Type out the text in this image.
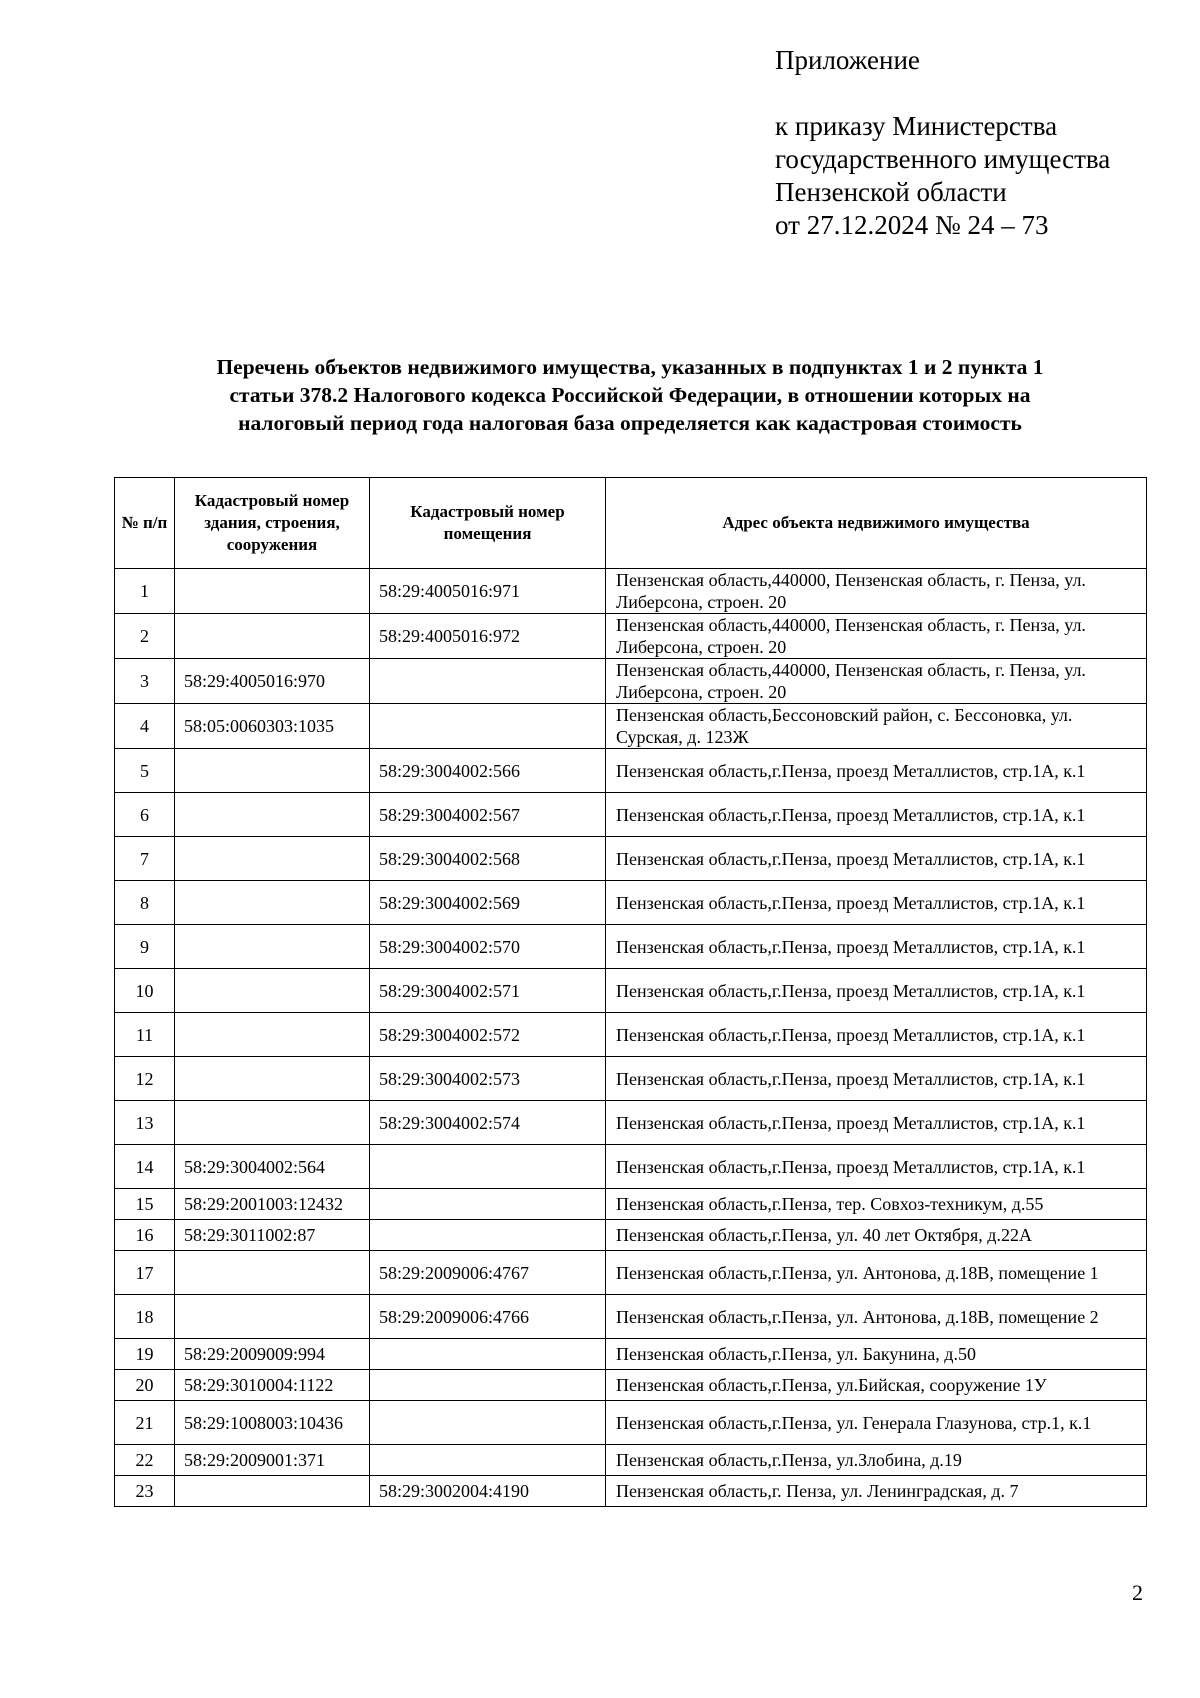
Приложение
к приказу Министерства
государственного имущества
Пензенской области
от 27.12.2024 № 24 – 73
Перечень объектов недвижимого имущества, указанных в подпунктах 1 и 2 пункта 1
статьи 378.2 Налогового кодекса Российской Федерации, в отношении которых на
налоговый период года налоговая база определяется как кадастровая стоимость
№ п/п	Кадастровый номер здания, строения, сооружения	Кадастровый номер помещения	Адрес объекта недвижимого имущества
1		58:29:4005016:971	Пензенская область,440000, Пензенская область, г. Пенза, ул. Либерсона, строен. 20
2		58:29:4005016:972	Пензенская область,440000, Пензенская область, г. Пенза, ул. Либерсона, строен. 20
3	58:29:4005016:970		Пензенская область,440000, Пензенская область, г. Пенза, ул. Либерсона, строен. 20
4	58:05:0060303:1035		Пензенская область,Бессоновский район, с. Бессоновка, ул. Сурская, д. 123Ж
5		58:29:3004002:566	Пензенская область,г.Пенза, проезд Металлистов, стр.1А, к.1
6		58:29:3004002:567	Пензенская область,г.Пенза, проезд Металлистов, стр.1А, к.1
7		58:29:3004002:568	Пензенская область,г.Пенза, проезд Металлистов, стр.1А, к.1
8		58:29:3004002:569	Пензенская область,г.Пенза, проезд Металлистов, стр.1А, к.1
9		58:29:3004002:570	Пензенская область,г.Пенза, проезд Металлистов, стр.1А, к.1
10		58:29:3004002:571	Пензенская область,г.Пенза, проезд Металлистов, стр.1А, к.1
11		58:29:3004002:572	Пензенская область,г.Пенза, проезд Металлистов, стр.1А, к.1
12		58:29:3004002:573	Пензенская область,г.Пенза, проезд Металлистов, стр.1А, к.1
13		58:29:3004002:574	Пензенская область,г.Пенза, проезд Металлистов, стр.1А, к.1
14	58:29:3004002:564		Пензенская область,г.Пенза, проезд Металлистов, стр.1А, к.1
15	58:29:2001003:12432		Пензенская область,г.Пенза, тер. Совхоз-техникум, д.55
16	58:29:3011002:87		Пензенская область,г.Пенза, ул. 40 лет Октября, д.22А
17		58:29:2009006:4767	Пензенская область,г.Пенза, ул. Антонова, д.18В, помещение 1
18		58:29:2009006:4766	Пензенская область,г.Пенза, ул. Антонова, д.18В, помещение 2
19	58:29:2009009:994		Пензенская область,г.Пенза, ул. Бакунина, д.50
20	58:29:3010004:1122		Пензенская область,г.Пенза, ул.Бийская, сооружение 1У
21	58:29:1008003:10436		Пензенская область,г.Пенза, ул. Генерала Глазунова, стр.1, к.1
22	58:29:2009001:371		Пензенская область,г.Пенза, ул.Злобина, д.19
23		58:29:3002004:4190	Пензенская область,г. Пенза, ул. Ленинградская, д. 7
2
